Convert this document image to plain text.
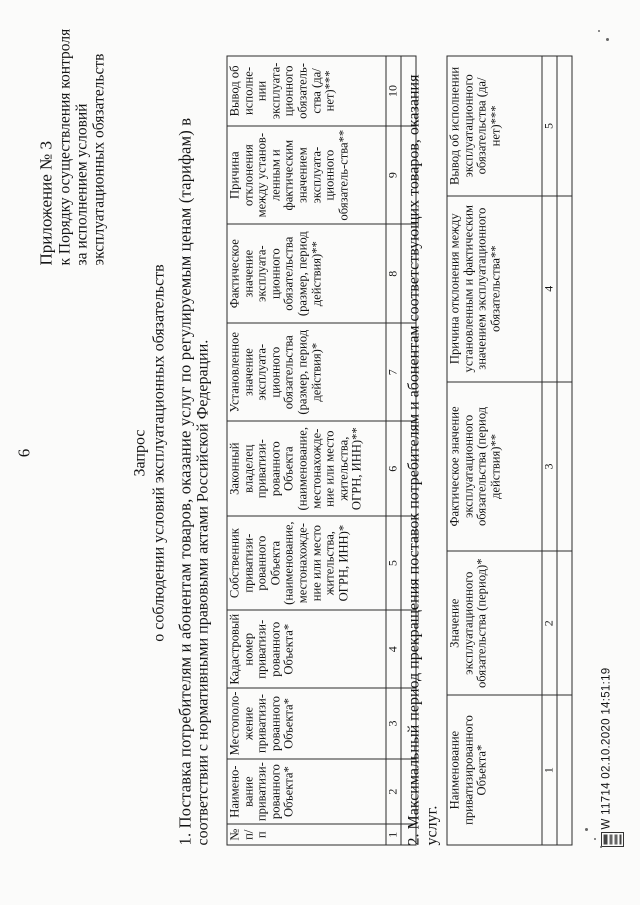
6
Приложение № 3 к Порядку осуществления контроля за исполнением условий эксплуатационных обязательств
Запрос о соблюдении условий эксплуатационных обязательств 1. Поставка потребителям и абонентам товаров, оказание услуг по регулируемым ценам (тарифам) в соответствии с нормативными правовыми актами Российской Федерации. № п/п	Наимено-вание приватизи-рованного Объекта*	Местополо-жение приватизи-рованного Объекта*	Кадастровый номер приватизи-рованного Объекта*	Собственник приватизи-рованного Объекта (наименование, местонахожде-ние или место жительства, ОГРН, ИНН)*	Законный владелец приватизи-рованного Объекта (наименование, местонахожде-ние или место жительства, ОГРН, ИНН)**	Установленное значение эксплуата-ционного обязательства (размер, период действия)*	Фактическое значение эксплуата-ционного обязательства (размер, период действия)**	Причина отклонения между установ-ленным и фактическим значением эксплуата-ционного обязатель-ства**	Вывод об исполне-нии эксплуата-ционного обязатель-ства (да/нет)***
1	2	3	4	5	6	7	8	9	10
									2. Максимальный период прекращения поставок потребителям и абонентам соответствующих товаров, оказания услуг.
Наименование приватизированного Объекта*	Значение эксплуатационного обязательства (период)*	Фактическое значение эксплуатационного обязательства (период действия)**	Причина отклонения между установленным и фактическим значением эксплуатационного обязательства**	Вывод об исполнении эксплуатационного обязательства (да/нет)***
1	2	3	4	5

W 11714 02.10.2020 14:51:19
